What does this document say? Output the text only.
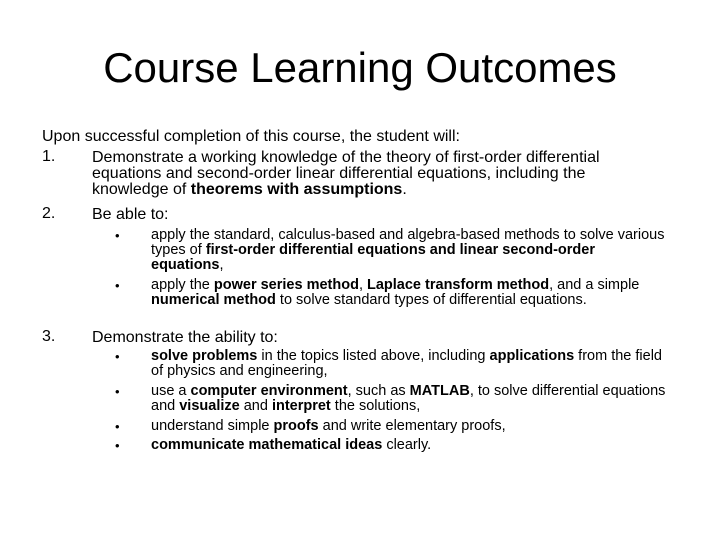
Course Learning Outcomes
Upon successful completion of this course, the student will:
1. Demonstrate a working knowledge of the theory of first-order differential
equations and second-order linear differential equations, including the
knowledge of theorems with assumptions.
2. Be able to:
•	apply the standard, calculus-based and algebra-based methods to solve various types of first-order differential equations and linear second-order equations,
•	apply the power series method, Laplace transform method, and a simple numerical method to solve standard types of differential equations.
3. Demonstrate the ability to:
•	solve problems in the topics listed above, including applications from the field of physics and engineering,
•	use a computer environment, such as MATLAB, to solve differential equations and visualize and interpret the solutions,
•	understand simple proofs and write elementary proofs,
•	communicate mathematical ideas clearly.
